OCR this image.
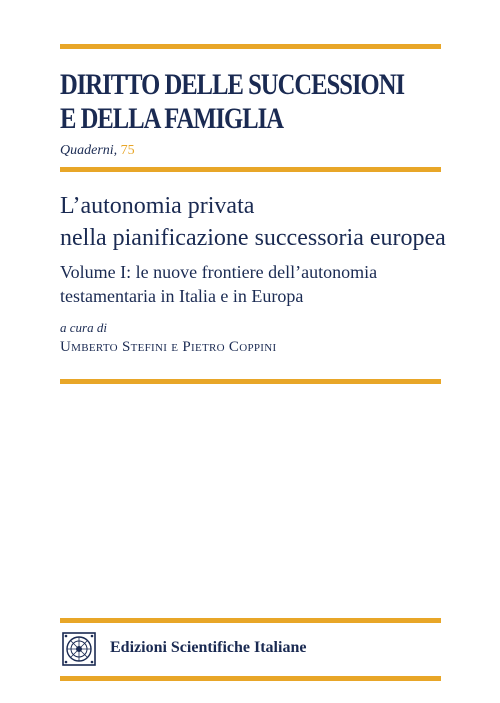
DIRITTO DELLE SUCCESSIONI
E DELLA FAMIGLIA
Quaderni, 75
L’autonomia privata
nella pianificazione successoria europea
Volume I: le nuove frontiere dell’autonomia
testamentaria in Italia e in Europa
a cura di
Umberto Stefini e Pietro Coppini
Edizioni Scientifiche Italiane
